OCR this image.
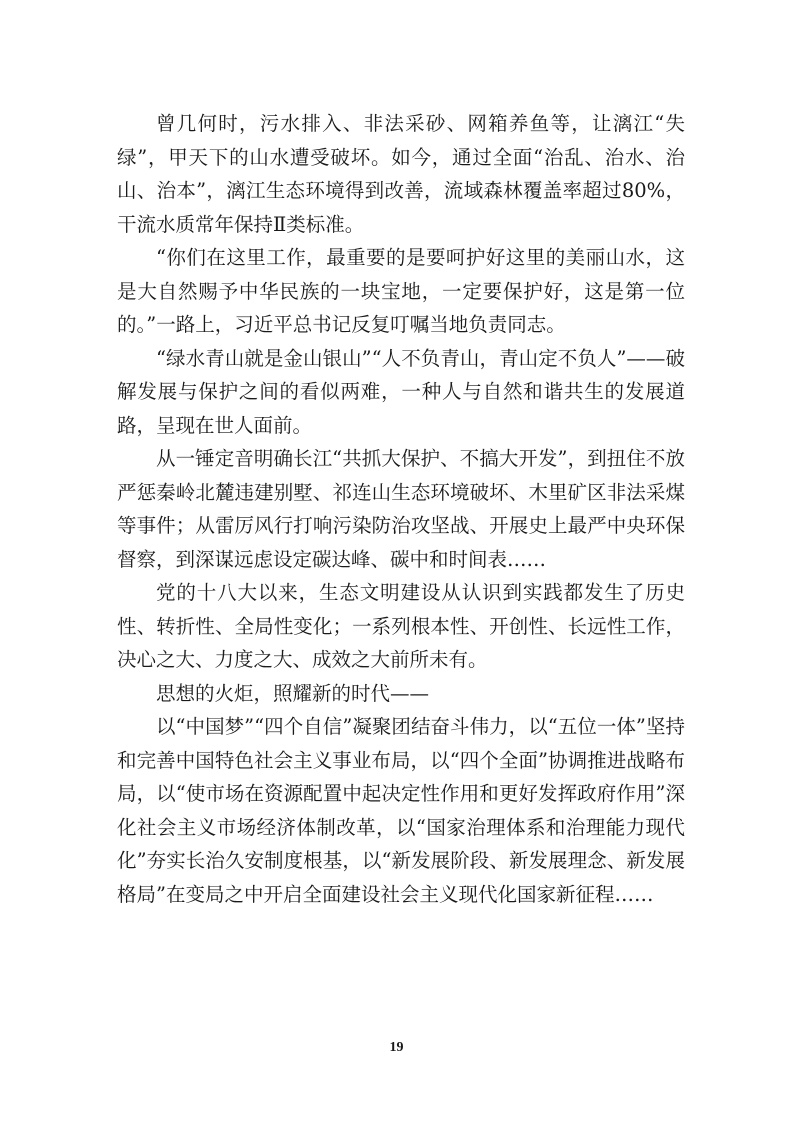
曾几何时，污水排入、非法采砂、网箱养鱼等，让漓江“失绿”，甲天下的山水遭受破坏。如今，通过全面“治乱、治水、治山、治本”，漓江生态环境得到改善，流域森林覆盖率超过80%，干流水质常年保持Ⅱ类标准。

“你们在这里工作，最重要的是要呵护好这里的美丽山水，这是大自然赐予中华民族的一块宝地，一定要保护好，这是第一位的。”一路上，习近平总书记反复叮嘱当地负责同志。

“绿水青山就是金山银山”“人不负青山，青山定不负人”——破解发展与保护之间的看似两难，一种人与自然和谐共生的发展道路，呈现在世人面前。

从一锤定音明确长江“共抓大保护、不搞大开发”，到扭住不放严惩秦岭北麓违建别墅、祁连山生态环境破坏、木里矿区非法采煤等事件；从雷厉风行打响污染防治攻坚战、开展史上最严中央环保督察，到深谋远虑设定碳达峰、碳中和时间表……

党的十八大以来，生态文明建设从认识到实践都发生了历史性、转折性、全局性变化；一系列根本性、开创性、长远性工作，决心之大、力度之大、成效之大前所未有。

思想的火炬，照耀新的时代——

以“中国梦”“四个自信”凝聚团结奋斗伟力，以“五位一体”坚持和完善中国特色社会主义事业布局，以“四个全面”协调推进战略布局，以“使市场在资源配置中起决定性作用和更好发挥政府作用”深化社会主义市场经济体制改革，以“国家治理体系和治理能力现代化”夯实长治久安制度根基，以“新发展阶段、新发展理念、新发展格局”在变局之中开启全面建设社会主义现代化国家新征程……

19
